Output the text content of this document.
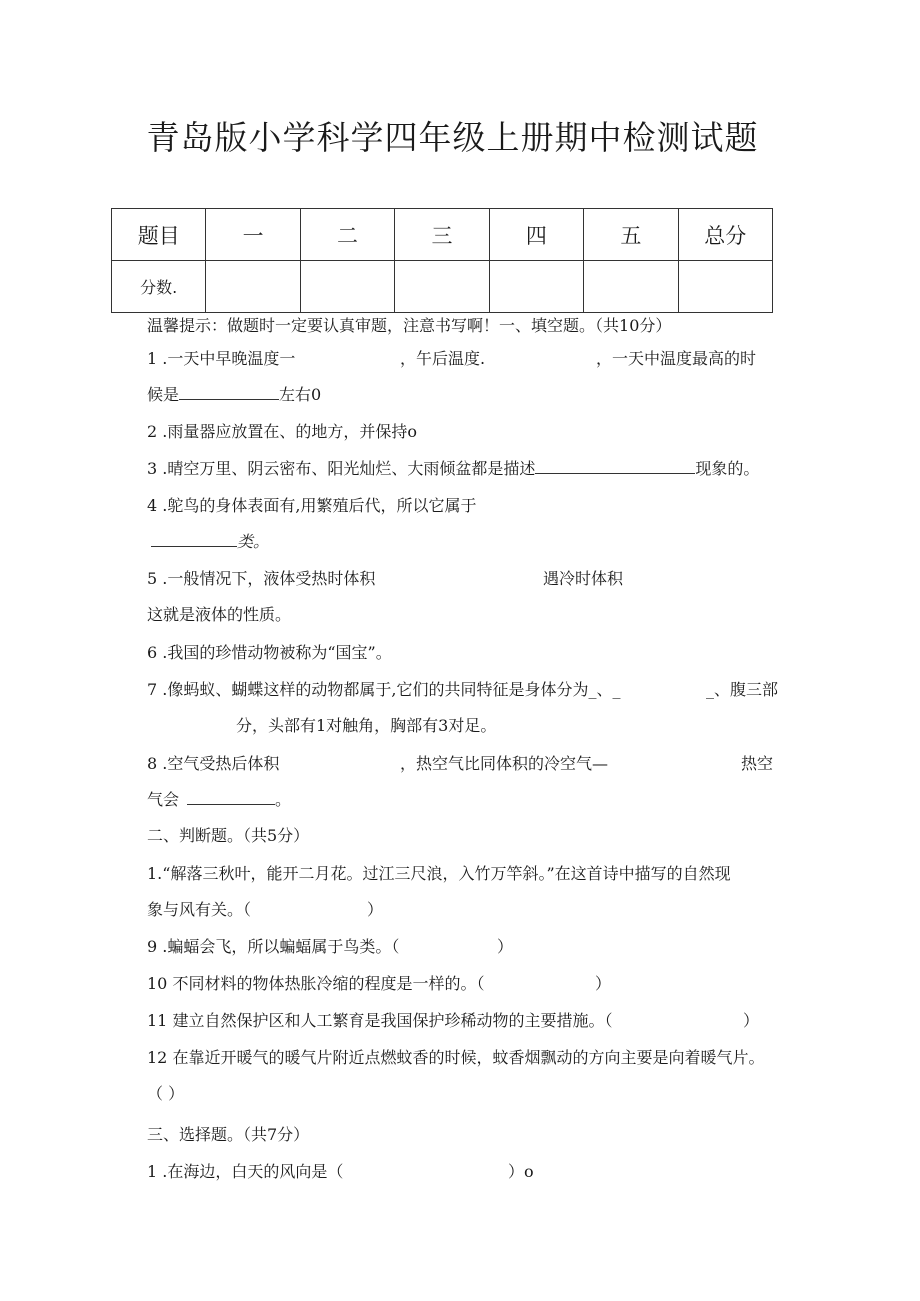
青岛版小学科学四年级上册期中检测试题
题目	一	二	三	四	五	总分
分数.						
温馨提示：做题时一定要认真审题，注意书写啊！一、填空题。（共10分）
1 .一天中早晚温度一	，午后温度.	，一天中温度最高的时
候是	左右0
2 .雨量器应放置在、的地方，并保持o
3 .晴空万里、阴云密布、阳光灿烂、大雨倾盆都是描述	现象的。
4 .鸵鸟的身体表面有,用繁殖后代，所以它属于
类。
5 .一般情况下，液体受热时体积	遇冷时体积
这就是液体的性质。
6 .我国的珍惜动物被称为“国宝”。
7 .像蚂蚁、蝴蝶这样的动物都属于,它们的共同特征是身体分为_、_	_、腹三部
分，头部有1对触角，胸部有3对足。
8 .空气受热后体积	，热空气比同体积的冷空气—	热空
气会	。
二、判断题。（共5分）
1.“解落三秋叶，能开二月花。过江三尺浪，入竹万竿斜。”在这首诗中描写的自然现
象与风有关。（	）
9 .蝙蝠会飞，所以蝙蝠属于鸟类。（	）
10 不同材料的物体热胀冷缩的程度是一样的。（	）
11 建立自然保护区和人工繁育是我国保护珍稀动物的主要措施。（	）
12 在靠近开暖气的暖气片附近点燃蚊香的时候，蚊香烟飘动的方向主要是向着暖气片。
（ ）
三、选择题。（共7分）
1 .在海边，白天的风向是（	）o
